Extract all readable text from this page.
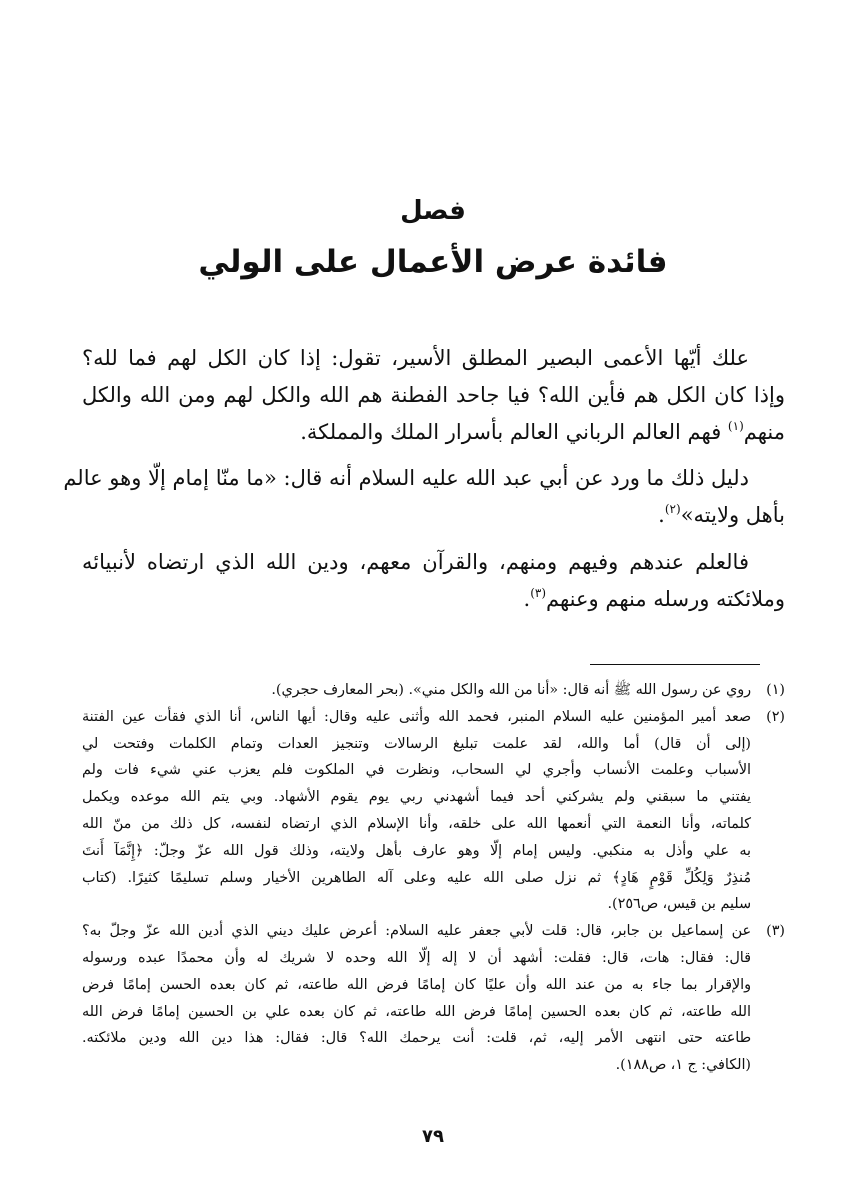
فصل
فائدة عرض الأعمال على الولي
علك أيّها الأعمى البصير المطلق الأسير، تقول: إذا كان الكل لهم فما لله؟
وإذا كان الكل هم فأين الله؟ فيا جاحد الفطنة هم الله والكل لهم ومن الله والكل
منهم$^{(١)}$ فهم العالم الرباني العالم بأسرار الملك والمملكة.
دليل ذلك ما ورد عن أبي عبد الله عليه السلام أنه قال: «ما منّا إمام إلّا وهو عالم
بأهل ولايته»$^{(٢)}$.
فالعلم عندهم وفيهم ومنهم، والقرآن معهم، ودين الله الذي ارتضاه لأنبيائه
وملائكته ورسله منهم وعنهم$^{(٣)}$.
(١)
روي عن رسول الله ﷺ أنه قال: «أنا من الله والكل مني». (بحر المعارف حجري).
(٢)
صعد أمير المؤمنين عليه السلام المنبر، فحمد الله وأثنى عليه وقال: أيها الناس، أنا الذي فقأت عين الفتنة
(إلى أن قال) أما والله، لقد علمت تبليغ الرسالات وتنجيز العدات وتمام الكلمات وفتحت لي
الأسباب وعلمت الأنساب وأجري لي السحاب، ونظرت في الملكوت فلم يعزب عني شيء فات ولم
يفتني ما سبقني ولم يشركني أحد فيما أشهدني ربي يوم يقوم الأشهاد. وبي يتم الله موعده ويكمل
كلماته، وأنا النعمة التي أنعمها الله على خلقه، وأنا الإسلام الذي ارتضاه لنفسه، كل ذلك من منّ الله
به علي وأذل به منكبي. وليس إمام إلّا وهو عارف بأهل ولايته، وذلك قول الله عزّ وجلّ: ﴿إِنَّمَآ أَنتَ
مُنذِرٌ وَلِكُلِّ قَوْمٍ هَادٍ﴾ ثم نزل صلى الله عليه وعلى آله الطاهرين الأخيار وسلم تسليمًا كثيرًا. (كتاب
سليم بن قيس، ص٢٥٦).
(٣)
عن إسماعيل بن جابر، قال: قلت لأبي جعفر عليه السلام: أعرض عليك ديني الذي أدين الله عزّ وجلّ به؟
قال: فقال: هات، قال: فقلت: أشهد أن لا إله إلّا الله وحده لا شريك له وأن محمدًا عبده ورسوله
والإقرار بما جاء به من عند الله وأن عليًا كان إمامًا فرض الله طاعته، ثم كان بعده الحسن إمامًا فرض
الله طاعته، ثم كان بعده الحسين إمامًا فرض الله طاعته، ثم كان بعده علي بن الحسين إمامًا فرض الله
طاعته حتى انتهى الأمر إليه، ثم، قلت: أنت يرحمك الله؟ قال: فقال: هذا دين الله ودين ملائكته.
(الكافي: ج ١، ص١٨٨).
٧٩
